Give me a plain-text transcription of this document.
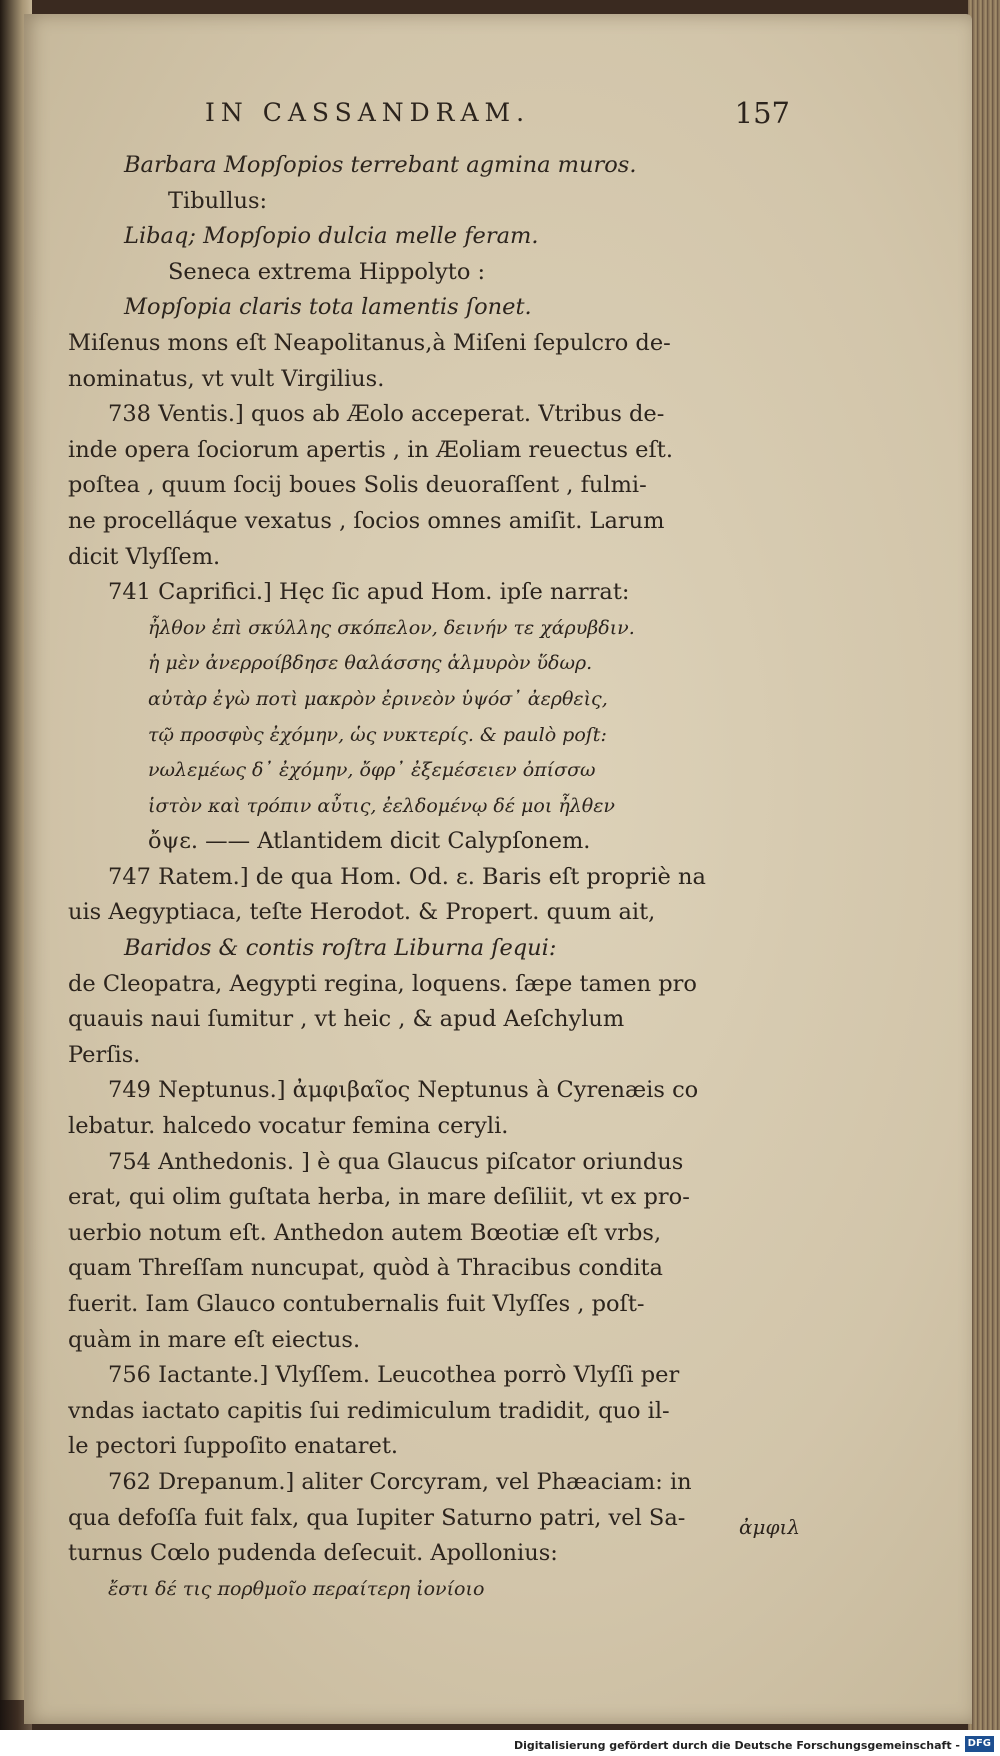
IN CASSANDRAM.	157
Barbara Mopſopios terrebant agmina muros.
Tibullus:
Libaq; Mopſopio dulcia melle feram.
Seneca extrema Hippolyto :
Mopſopia claris tota lamentis ſonet.
Miſenus mons eſt Neapolitanus,à Miſeni ſepulcro de-
nominatus, vt vult Virgilius.
738 Ventis.] quos ab Æolo acceperat. Vtribus de-
inde opera ſociorum apertis , in Æoliam reuectus eſt.
poſtea , quum ſocij boues Solis deuoraſſent , fulmi-
ne procelláque vexatus , ſocios omnes amiſit. Larum
dicit Vlyſſem.
741 Caprifici.] Hęc ſic apud Hom. ipſe narrat:
ἦλθον ἐπὶ σκύλλης σκόπελον, δεινήν τε χάρυβδιν.
ἡ μὲν ἀνερροίβδησε θαλάσσης ἁλμυρὸν ὕδωρ.
αὐτὰρ ἐγὼ ποτὶ μακρὸν ἐρινεὸν ὑψόσ᾽ ἀερθεὶς,
τῷ προσφὺς ἐχόμην, ὡς νυκτερίς. & paulò poſt:
νωλεμέως δ᾽ ἐχόμην, ὄφρ᾽ ἐξεμέσειεν ὀπίσσω
ἱστὸν καὶ τρόπιν αὖτις, ἐελδομένῳ δέ μοι ἦλθεν
ὄψε. —— Atlantidem dicit Calypſonem.
747 Ratem.] de qua Hom. Od. ε. Baris eſt propriè na
uis Aegyptiaca, teſte Herodot. & Propert. quum ait,
Baridos & contis roſtra Liburna ſequi:
de Cleopatra, Aegypti regina, loquens. ſæpe tamen pro
quauis naui ſumitur , vt heic , & apud Aeſchylum
Perſis.
749 Neptunus.] ἀμφιβαῖος Neptunus à Cyrenæis co
lebatur. halcedo vocatur femina ceryli.
754 Anthedonis. ] è qua Glaucus piſcator oriundus
erat, qui olim guſtata herba, in mare deſiliit, vt ex pro-
uerbio notum eſt. Anthedon autem Bœotiæ eſt vrbs,
quam Threſſam nuncupat, quòd à Thracibus condita
fuerit. Iam Glauco contubernalis fuit Vlyſſes , poſt-
quàm in mare eſt eiectus.
756 Iactante.] Vlyſſem. Leucothea porrò Vlyſſi per
vndas iactato capitis ſui redimiculum tradidit, quo il-
le pectori ſuppoſito enataret.
762 Drepanum.] aliter Corcyram, vel Phæaciam: in
qua defoſſa fuit falx, qua Iupiter Saturno patri, vel Sa-
turnus Cœlo pudenda deſecuit. Apollonius:
ἔστι δέ τις πορθμοῖο περαίτερη ἰονίοιο
ἀμφιλ
Digitalisierung gefördert durch die Deutsche Forschungsgemeinschaft - DFG
